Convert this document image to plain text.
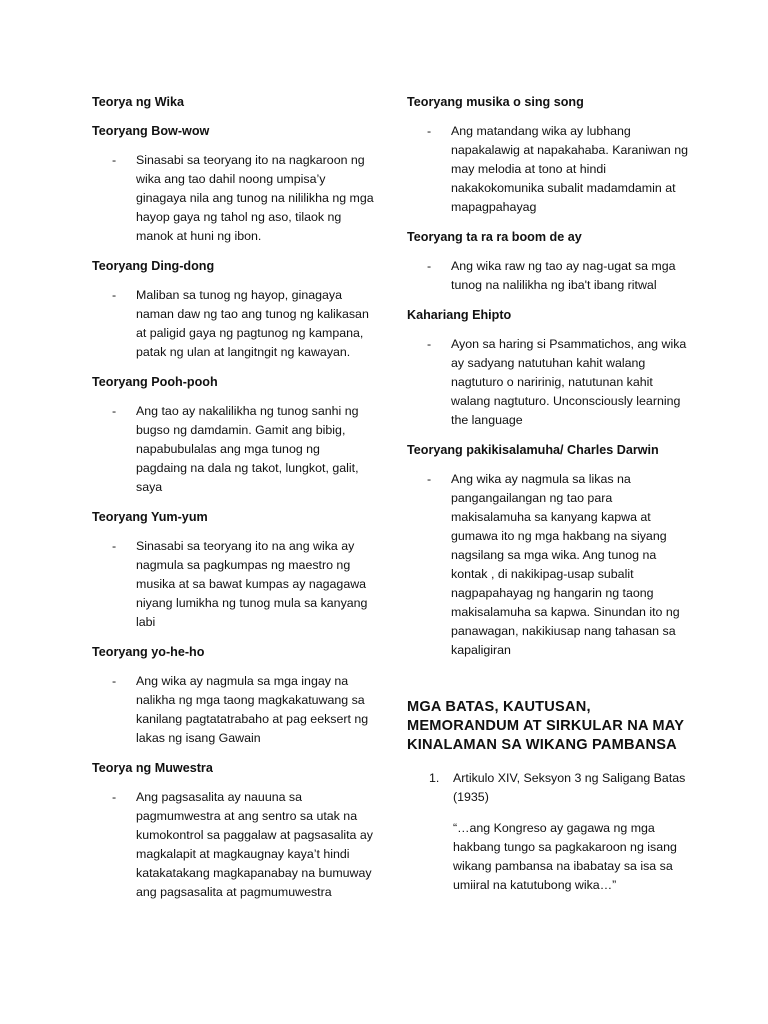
Teorya ng Wika
Teoryang Bow-wow
- Sinasabi sa teoryang ito na nagkaroon ng wika ang tao dahil noong umpisa’y ginagaya nila ang tunog na nililikha ng mga hayop gaya ng tahol ng aso, tilaok ng manok at huni ng ibon.
Teoryang Ding-dong
- Maliban sa tunog ng hayop, ginagaya naman daw ng tao ang tunog ng kalikasan at paligid gaya ng pagtunog ng kampana, patak ng ulan at langitngit ng kawayan.
Teoryang Pooh-pooh
- Ang tao ay nakalilikha ng tunog sanhi ng bugso ng damdamin. Gamit ang bibig, napabubulalas ang mga tunog ng pagdaing na dala ng takot, lungkot, galit, saya
Teoryang Yum-yum
- Sinasabi sa teoryang ito na ang wika ay nagmula sa pagkumpas ng maestro ng musika at sa bawat kumpas ay nagagawa niyang lumikha ng tunog mula sa kanyang labi
Teoryang yo-he-ho
- Ang wika ay nagmula sa mga ingay na nalikha ng mga taong magkakatuwang sa kanilang pagtatatrabaho at pag eeksert ng lakas ng isang Gawain
Teorya ng Muwestra
- Ang pagsasalita ay nauuna sa pagmumwestra at ang sentro sa utak na kumokontrol sa paggalaw at pagsasalita ay magkalapit at magkaugnay kaya’t hindi katakatakang magkapanabay na bumuway ang pagsasalita at pagmumuwestra
Teoryang musika o sing song
- Ang matandang wika ay lubhang napakalawig at napakahaba. Karaniwan ng may melodia at tono at hindi nakakokomunika subalit madamdamin at mapagpahayag
Teoryang ta ra ra boom de ay
- Ang wika raw ng tao ay nag-ugat sa mga tunog na nalilikha ng iba't ibang ritwal
Kahariang Ehipto
- Ayon sa haring si Psammatichos, ang wika ay sadyang natutuhan kahit walang nagtuturo o naririnig, natutunan kahit walang nagtuturo. Unconsciously learning the language
Teoryang pakikisalamuha/ Charles Darwin
- Ang wika ay nagmula sa likas na pangangailangan ng tao para makisalamuha sa kanyang kapwa at gumawa ito ng mga hakbang na siyang nagsilang sa mga wika. Ang tunog na kontak , di nakikipag-usap subalit nagpapahayag ng hangarin ng taong makisalamuha sa kapwa. Sinundan ito ng panawagan, nakikiusap nang tahasan sa kapaligiran
MGA BATAS, KAUTUSAN, MEMORANDUM AT SIRKULAR NA MAY KINALAMAN SA WIKANG PAMBANSA
1. Artikulo XIV, Seksyon 3 ng Saligang Batas (1935)
“…ang Kongreso ay gagawa ng mga hakbang tungo sa pagkakaroon ng isang wikang pambansa na ibabatay sa isa sa umiiral na katutubong wika…”
